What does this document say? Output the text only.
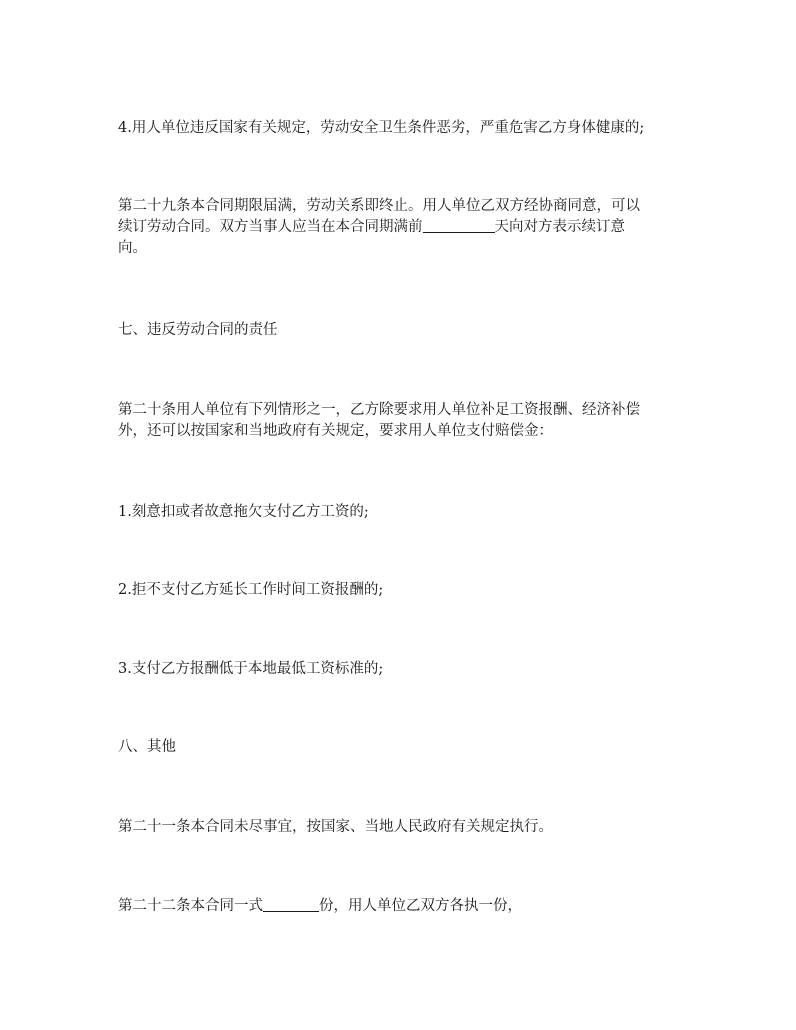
4.用人单位违反国家有关规定，劳动安全卫生条件恶劣，严重危害乙方身体健康的;

第二十九条本合同期限届满，劳动关系即终止。用人单位乙双方经协商同意，可以
续订劳动合同。双方当事人应当在本合同期满前	天向对方表示续订意
向。

七、违反劳动合同的责任

第二十条用人单位有下列情形之一，乙方除要求用人单位补足工资报酬、经济补偿
外，还可以按国家和当地政府有关规定，要求用人单位支付赔偿金：

1.刻意扣或者故意拖欠支付乙方工资的;

2.拒不支付乙方延长工作时间工资报酬的;

3.支付乙方报酬低于本地最低工资标准的;

八、其他

第二十一条本合同未尽事宜，按国家、当地人民政府有关规定执行。

第二十二条本合同一式	份，用人单位乙双方各执一份，
